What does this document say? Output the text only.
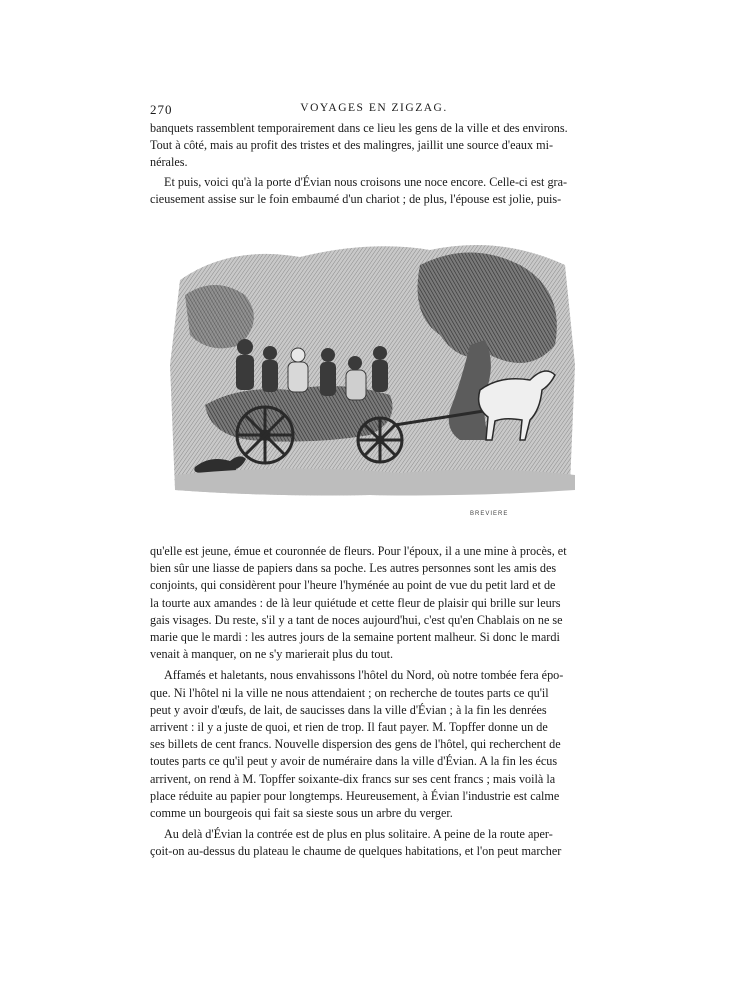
270	VOYAGES EN ZIGZAG.
banquets rassemblent temporairement dans ce lieu les gens de la ville et des environs.
Tout à côté, mais au profit des tristes et des malingres, jaillit une source d'eaux mi-
nérales.
Et puis, voici qu'à la porte d'Évian nous croisons une noce encore. Celle-ci est gra-
cieusement assise sur le foin embaumé d'un chariot ; de plus, l'épouse est jolie, puis-
BREVIERE
qu'elle est jeune, émue et couronnée de fleurs. Pour l'époux, il a une mine à procès, et
bien sûr une liasse de papiers dans sa poche. Les autres personnes sont les amis des
conjoints, qui considèrent pour l'heure l'hyménée au point de vue du petit lard et de
la tourte aux amandes : de là leur quiétude et cette fleur de plaisir qui brille sur leurs
gais visages. Du reste, s'il y a tant de noces aujourd'hui, c'est qu'en Chablais on ne se
marie que le mardi : les autres jours de la semaine portent malheur. Si donc le mardi
venait à manquer, on ne s'y marierait plus du tout.
Affamés et haletants, nous envahissons l'hôtel du Nord, où notre tombée fera épo-
que. Ni l'hôtel ni la ville ne nous attendaient ; on recherche de toutes parts ce qu'il
peut y avoir d'œufs, de lait, de saucisses dans la ville d'Évian ; à la fin les denrées
arrivent : il y a juste de quoi, et rien de trop. Il faut payer. M. Topffer donne un de
ses billets de cent francs. Nouvelle dispersion des gens de l'hôtel, qui recherchent de
toutes parts ce qu'il peut y avoir de numéraire dans la ville d'Évian. A la fin les écus
arrivent, on rend à M. Topffer soixante-dix francs sur ses cent francs ; mais voilà la
place réduite au papier pour longtemps. Heureusement, à Évian l'industrie est calme
comme un bourgeois qui fait sa sieste sous un arbre du verger.
Au delà d'Évian la contrée est de plus en plus solitaire. A peine de la route aper-
çoit-on au-dessus du plateau le chaume de quelques habitations, et l'on peut marcher
